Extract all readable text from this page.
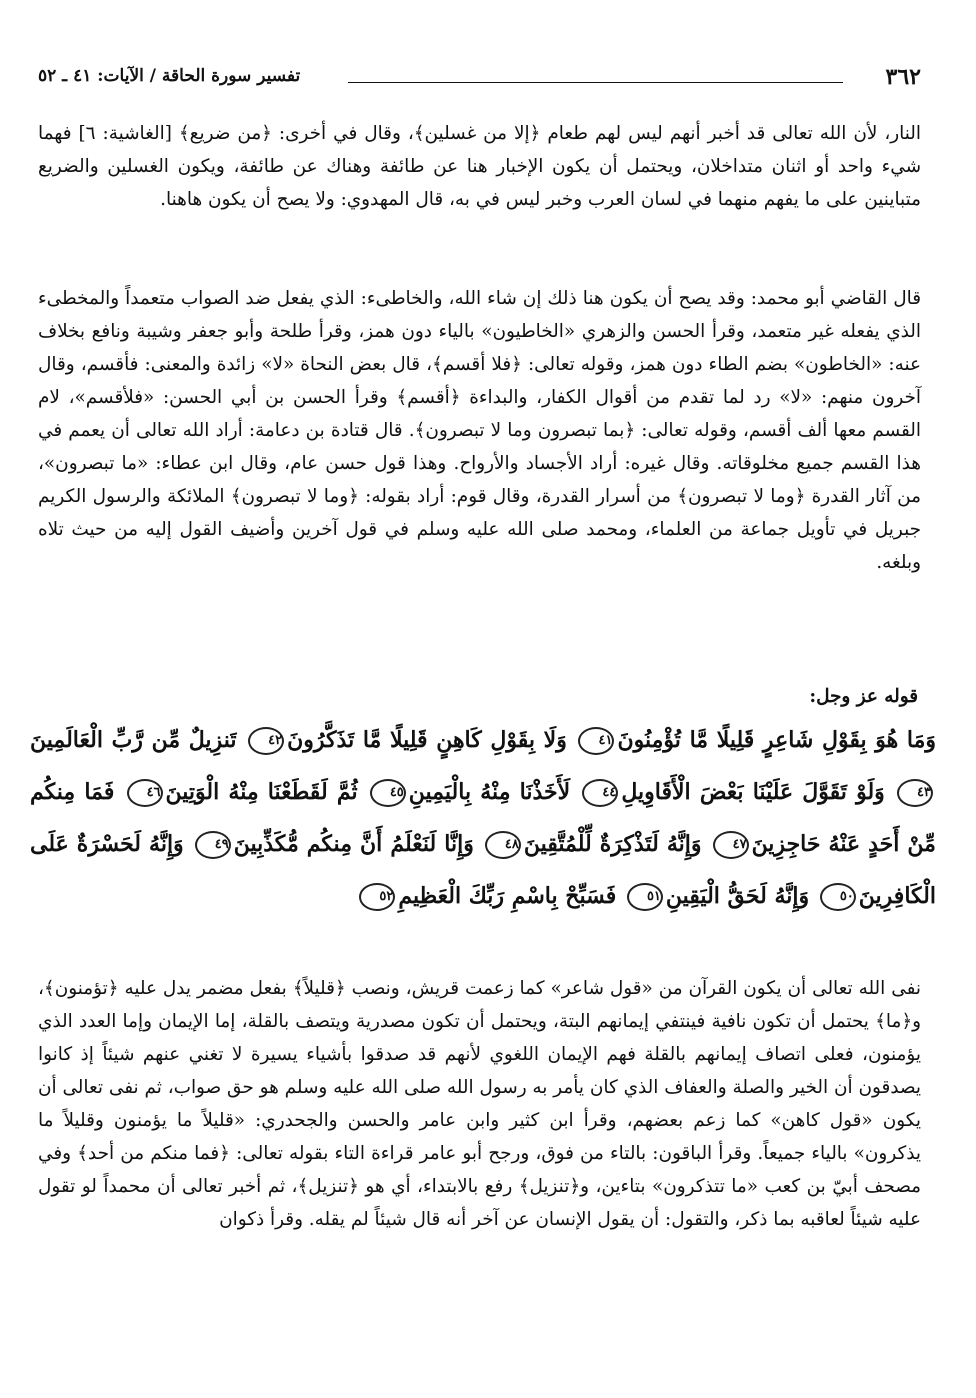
٣٦٢
تفسير سورة الحاقة / الآيات: ٤١ ـ ٥٢
النار، لأن الله تعالى قد أخبر أنهم ليس لهم طعام ﴿إلا من غسلين﴾، وقال في أخرى: ﴿من ضريع﴾ [الغاشية: ٦] فهما شيء واحد أو اثنان متداخلان، ويحتمل أن يكون الإخبار هنا عن طائفة وهناك عن طائفة، ويكون الغسلين والضريع متباينين على ما يفهم منهما في لسان العرب وخبر ليس في به، قال المهدوي: ولا يصح أن يكون هاهنا.
قال القاضي أبو محمد: وقد يصح أن يكون هنا ذلك إن شاء الله، والخاطىء: الذي يفعل ضد الصواب متعمداً والمخطىء الذي يفعله غير متعمد، وقرأ الحسن والزهري «الخاطيون» بالياء دون همز، وقرأ طلحة وأبو جعفر وشيبة ونافع بخلاف عنه: «الخاطون» بضم الطاء دون همز، وقوله تعالى: ﴿فلا أقسم﴾، قال بعض النحاة «لا» زائدة والمعنى: فأقسم، وقال آخرون منهم: «لا» رد لما تقدم من أقوال الكفار، والبداءة ﴿أقسم﴾ وقرأ الحسن بن أبي الحسن: «فلأقسم»، لام القسم معها ألف أقسم، وقوله تعالى: ﴿بما تبصرون وما لا تبصرون﴾. قال قتادة بن دعامة: أراد الله تعالى أن يعمم في هذا القسم جميع مخلوقاته. وقال غيره: أراد الأجساد والأرواح. وهذا قول حسن عام، وقال ابن عطاء: «ما تبصرون»، من آثار القدرة ﴿وما لا تبصرون﴾ من أسرار القدرة، وقال قوم: أراد بقوله: ﴿وما لا تبصرون﴾ الملائكة والرسول الكريم جبريل في تأويل جماعة من العلماء، ومحمد صلى الله عليه وسلم في قول آخرين وأضيف القول إليه من حيث تلاه وبلغه.
قوله عز وجل:
وَمَا هُوَ بِقَوْلِ شَاعِرٍ قَلِيلًا مَّا تُؤْمِنُونَ٤١ وَلَا بِقَوْلِ كَاهِنٍ قَلِيلًا مَّا تَذَكَّرُونَ٤٢ تَنزِيلٌ مِّن رَّبِّ الْعَالَمِينَ٤٣ وَلَوْ تَقَوَّلَ عَلَيْنَا بَعْضَ الْأَقَاوِيلِ٤٤ لَأَخَذْنَا مِنْهُ بِالْيَمِينِ٤٥ ثُمَّ لَقَطَعْنَا مِنْهُ الْوَتِينَ٤٦ فَمَا مِنكُم مِّنْ أَحَدٍ عَنْهُ حَاجِزِينَ٤٧ وَإِنَّهُ لَتَذْكِرَةٌ لِّلْمُتَّقِينَ٤٨ وَإِنَّا لَنَعْلَمُ أَنَّ مِنكُم مُّكَذِّبِينَ٤٩ وَإِنَّهُ لَحَسْرَةٌ عَلَى الْكَافِرِينَ٥٠ وَإِنَّهُ لَحَقُّ الْيَقِينِ٥١ فَسَبِّحْ بِاسْمِ رَبِّكَ الْعَظِيمِ٥٢
نفى الله تعالى أن يكون القرآن من «قول شاعر» كما زعمت قريش، ونصب ﴿قليلاً﴾ بفعل مضمر يدل عليه ﴿تؤمنون﴾، و﴿ما﴾ يحتمل أن تكون نافية فينتفي إيمانهم البتة، ويحتمل أن تكون مصدرية ويتصف بالقلة، إما الإيمان وإما العدد الذي يؤمنون، فعلى اتصاف إيمانهم بالقلة فهم الإيمان اللغوي لأنهم قد صدقوا بأشياء يسيرة لا تغني عنهم شيئاً إذ كانوا يصدقون أن الخير والصلة والعفاف الذي كان يأمر به رسول الله صلى الله عليه وسلم هو حق صواب، ثم نفى تعالى أن يكون «قول كاهن» كما زعم بعضهم، وقرأ ابن كثير وابن عامر والحسن والجحدري: «قليلاً ما يؤمنون وقليلاً ما يذكرون» بالياء جميعاً. وقرأ الباقون: بالتاء من فوق، ورجح أبو عامر قراءة التاء بقوله تعالى: ﴿فما منكم من أحد﴾ وفي مصحف أبيّ بن كعب «ما تتذكرون» بتاءين، و﴿تنزيل﴾ رفع بالابتداء، أي هو ﴿تنزيل﴾، ثم أخبر تعالى أن محمداً لو تقول عليه شيئاً لعاقبه بما ذكر، والتقول: أن يقول الإنسان عن آخر أنه قال شيئاً لم يقله. وقرأ ذكوان
